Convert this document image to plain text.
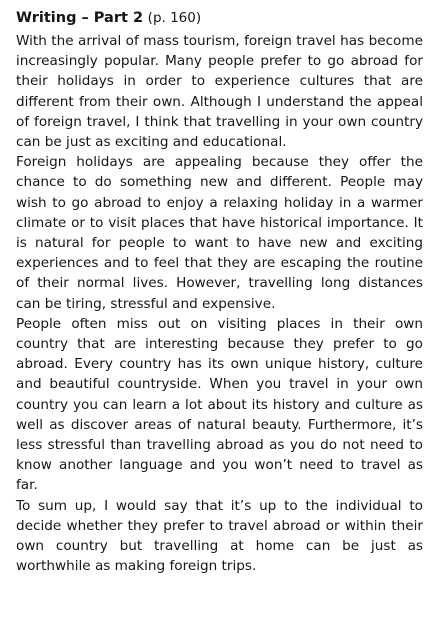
Writing – Part 2 (p. 160)

With the arrival of mass tourism, foreign travel has become increasingly popular. Many people prefer to go abroad for their holidays in order to experience cultures that are different from their own. Although I understand the appeal of foreign travel, I think that travelling in your own country can be just as exciting and educational.

Foreign holidays are appealing because they offer the chance to do something new and different. People may wish to go abroad to enjoy a relaxing holiday in a warmer climate or to visit places that have historical importance. It is natural for people to want to have new and exciting experiences and to feel that they are escaping the routine of their normal lives. However, travelling long distances can be tiring, stressful and expensive.

People often miss out on visiting places in their own country that are interesting because they prefer to go abroad. Every country has its own unique history, culture and beautiful countryside. When you travel in your own country you can learn a lot about its history and culture as well as discover areas of natural beauty. Furthermore, it’s less stressful than travelling abroad as you do not need to know another language and you won’t need to travel as far.

To sum up, I would say that it’s up to the individual to decide whether they prefer to travel abroad or within their own country but travelling at home can be just as worthwhile as making foreign trips.
